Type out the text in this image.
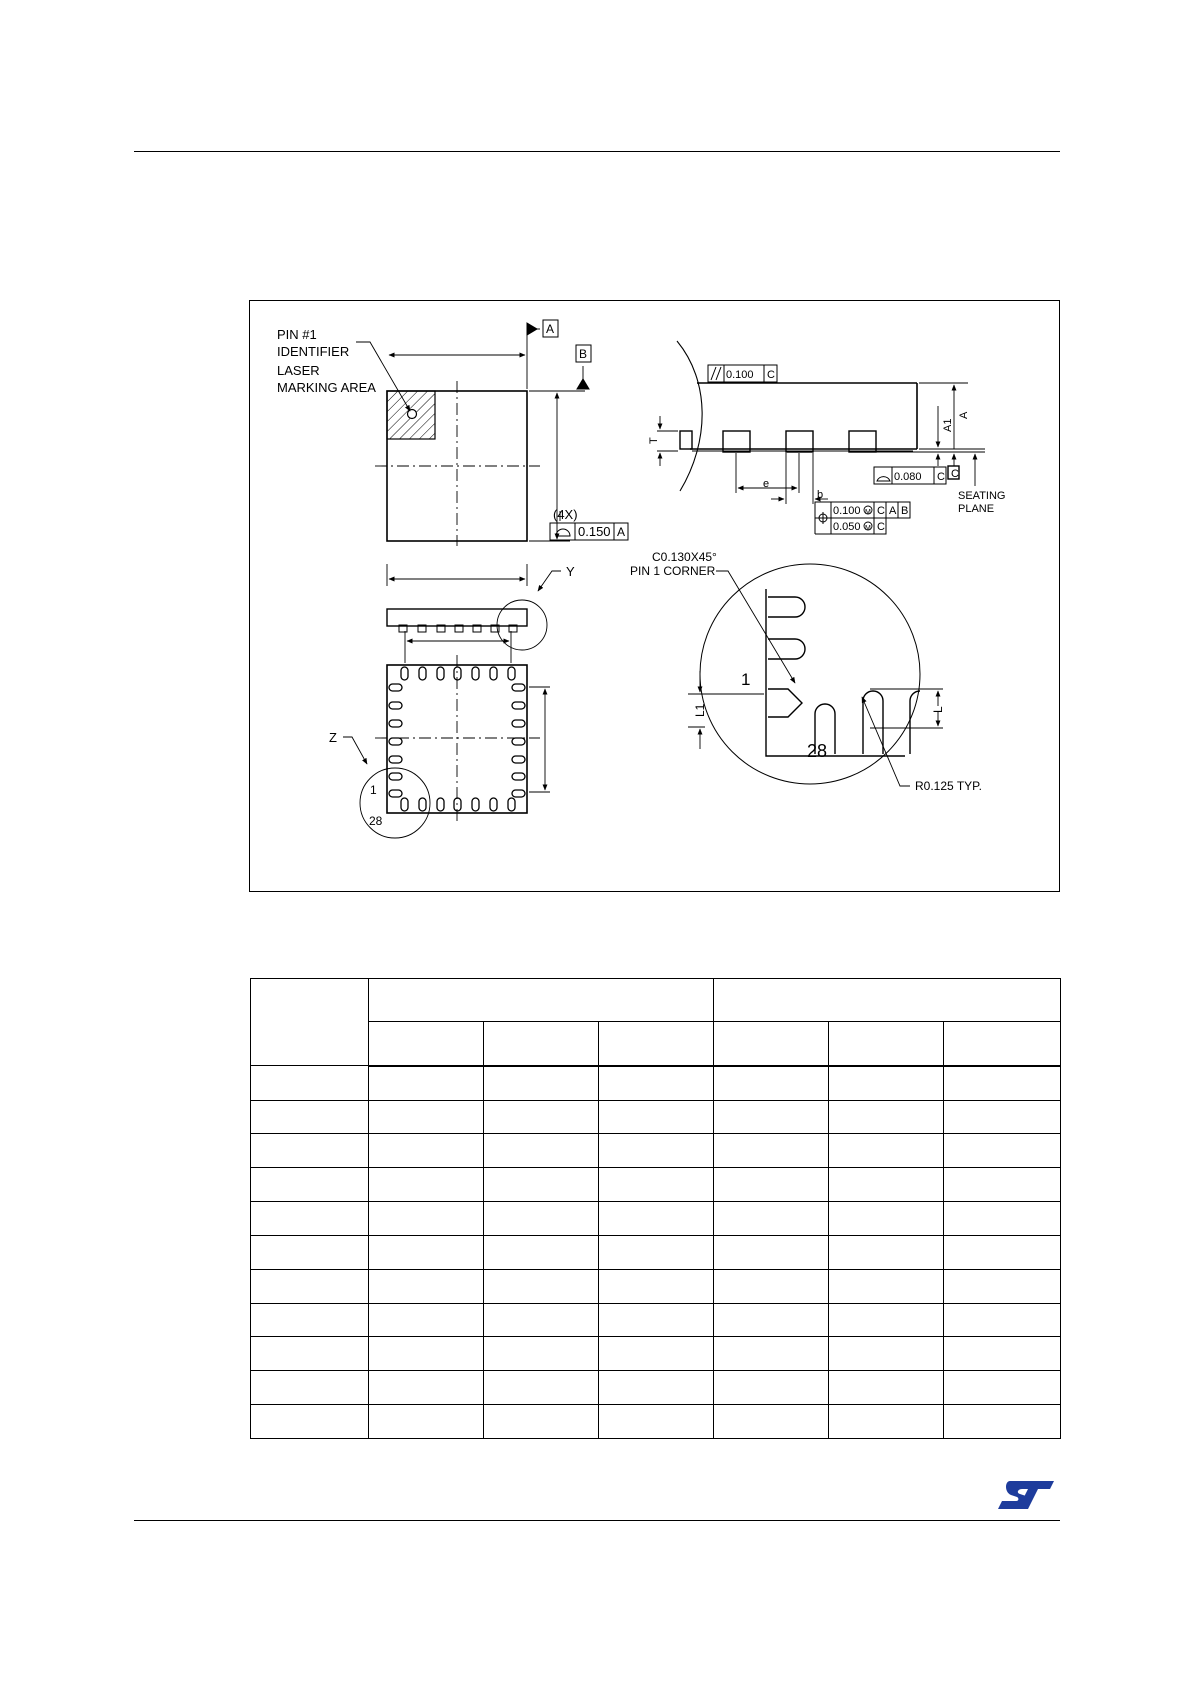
PIN #1
IDENTIFIER
LASER
MARKING AREA
A
B
(4X)
0.150 A
Y
Z
1
28
0.100 C
0.080 C C
T
A1
A
e
b	SEATING
PLANE
0.100 M C A B
0.050 M C
C0.130X45°
PIN 1 CORNER
1
28
L1	L
R0.125 TYP.
